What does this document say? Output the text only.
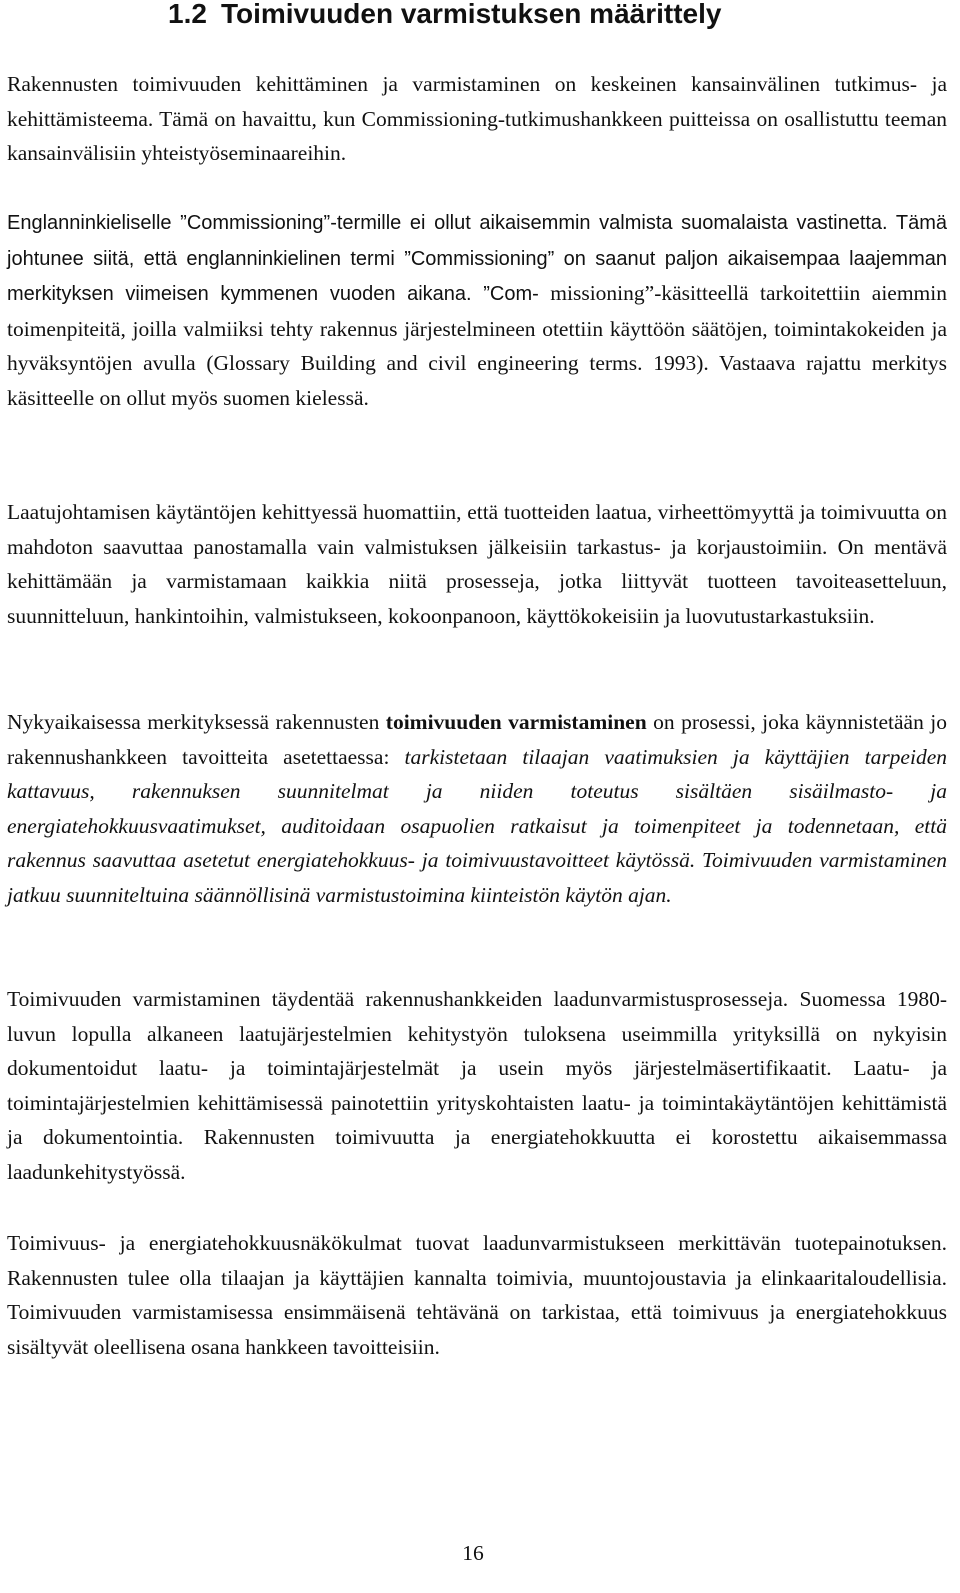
1.2 Toimivuuden varmistuksen määrittely

Rakennusten toimivuuden kehittäminen ja varmistaminen on keskeinen kansainvälinen tutkimus- ja kehittämisteema. Tämä on havaittu, kun Commissioning-tutkimushankkeen puitteissa on osallistuttu teeman kansainvälisiin yhteistyöseminaareihin.

Englanninkieliselle ”Commissioning”-termille ei ollut aikaisemmin valmista suomalaista vastinetta. Tämä johtunee siitä, että englanninkielinen termi ”Commissioning” on saanut paljon aikaisempaa laajemman merkityksen viimeisen kymmenen vuoden aikana. ”Com- missioning”-käsitteellä tarkoitettiin aiemmin toimenpiteitä, joilla valmiiksi tehty rakennus järjestelmineen otettiin käyttöön säätöjen, toimintakokeiden ja hyväksyntöjen avulla (Glossary Building and civil engineering terms. 1993). Vastaava rajattu merkitys käsitteelle on ollut myös suomen kielessä.

Laatujohtamisen käytäntöjen kehittyessä huomattiin, että tuotteiden laatua, virheettömyyttä ja toimivuutta on mahdoton saavuttaa panostamalla vain valmistuksen jälkeisiin tarkastus- ja korjaustoimiin. On mentävä kehittämään ja varmistamaan kaikkia niitä prosesseja, jotka liittyvät tuotteen tavoiteasetteluun, suunnitteluun, hankintoihin, valmistukseen, kokoonpanoon, käyttökokeisiin ja luovutustarkastuksiin.

Nykyaikaisessa merkityksessä rakennusten toimivuuden varmistaminen on prosessi, joka käynnistetään jo rakennushankkeen tavoitteita asetettaessa: tarkistetaan tilaajan vaatimuksien ja käyttäjien tarpeiden kattavuus, rakennuksen suunnitelmat ja niiden toteutus sisältäen sisäilmasto- ja energiatehokkuusvaatimukset, auditoidaan osapuolien ratkaisut ja toimenpiteet ja todennetaan, että rakennus saavuttaa asetetut energiatehokkuus- ja toimivuustavoitteet käytössä. Toimivuuden varmistaminen jatkuu suunniteltuina säännöllisinä varmistustoimina kiinteistön käytön ajan.

Toimivuuden varmistaminen täydentää rakennushankkeiden laadunvarmistusprosesseja. Suomessa 1980-luvun lopulla alkaneen laatujärjestelmien kehitystyön tuloksena useimmilla yrityksillä on nykyisin dokumentoidut laatu- ja toimintajärjestelmät ja usein myös järjestelmäsertifikaatit. Laatu- ja toimintajärjestelmien kehittämisessä painotettiin yrityskohtaisten laatu- ja toimintakäytäntöjen kehittämistä ja dokumentointia. Rakennusten toimivuutta ja energiatehokkuutta ei korostettu aikaisemmassa laadunkehitystyössä.

Toimivuus- ja energiatehokkuusnäkökulmat tuovat laadunvarmistukseen merkittävän tuotepainotuksen. Rakennusten tulee olla tilaajan ja käyttäjien kannalta toimivia, muuntojoustavia ja elinkaaritaloudellisia. Toimivuuden varmistamisessa ensimmäisenä tehtävänä on tarkistaa, että toimivuus ja energiatehokkuus sisältyvät oleellisena osana hankkeen tavoitteisiin.

16
